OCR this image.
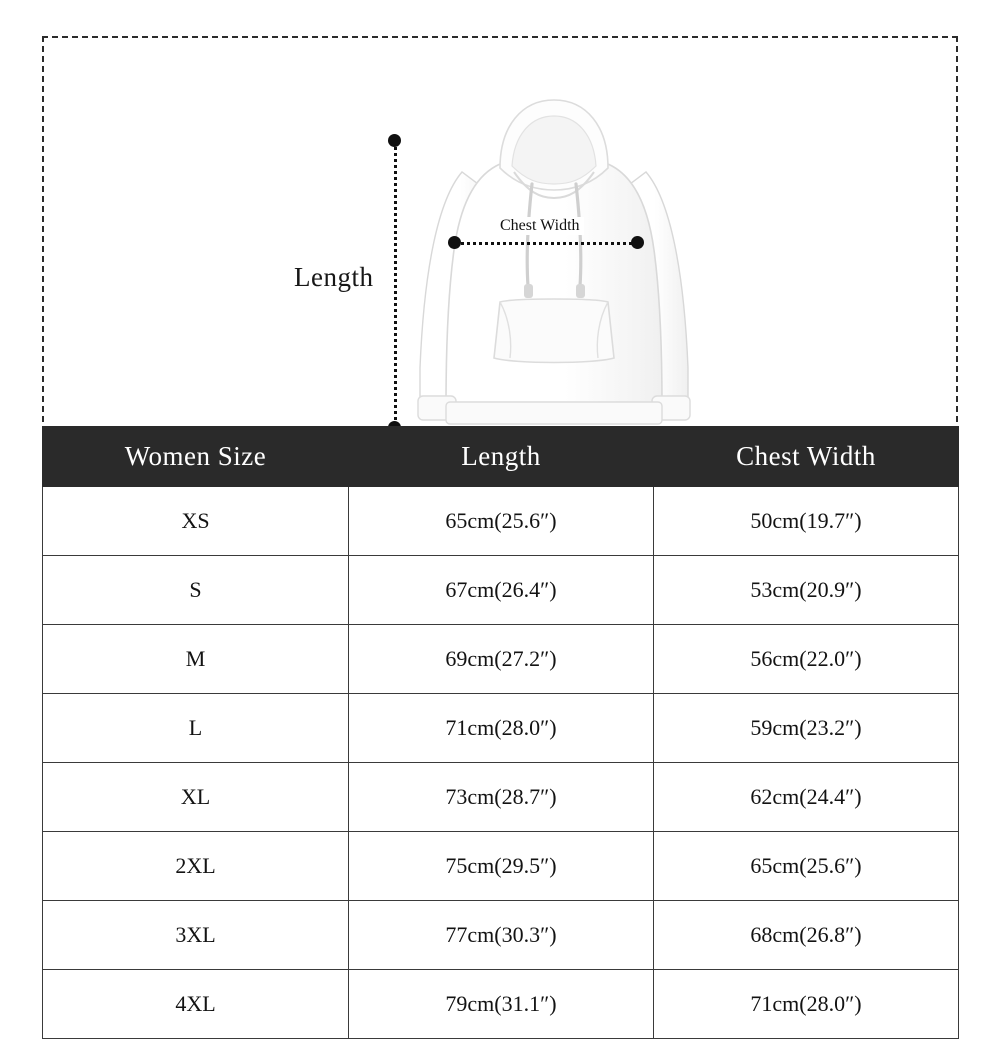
Length
Chest Width
Women Size	Length	Chest Width
XS	65cm(25.6″)	50cm(19.7″)
S	67cm(26.4″)	53cm(20.9″)
M	69cm(27.2″)	56cm(22.0″)
L	71cm(28.0″)	59cm(23.2″)
XL	73cm(28.7″)	62cm(24.4″)
2XL	75cm(29.5″)	65cm(25.6″)
3XL	77cm(30.3″)	68cm(26.8″)
4XL	79cm(31.1″)	71cm(28.0″)
